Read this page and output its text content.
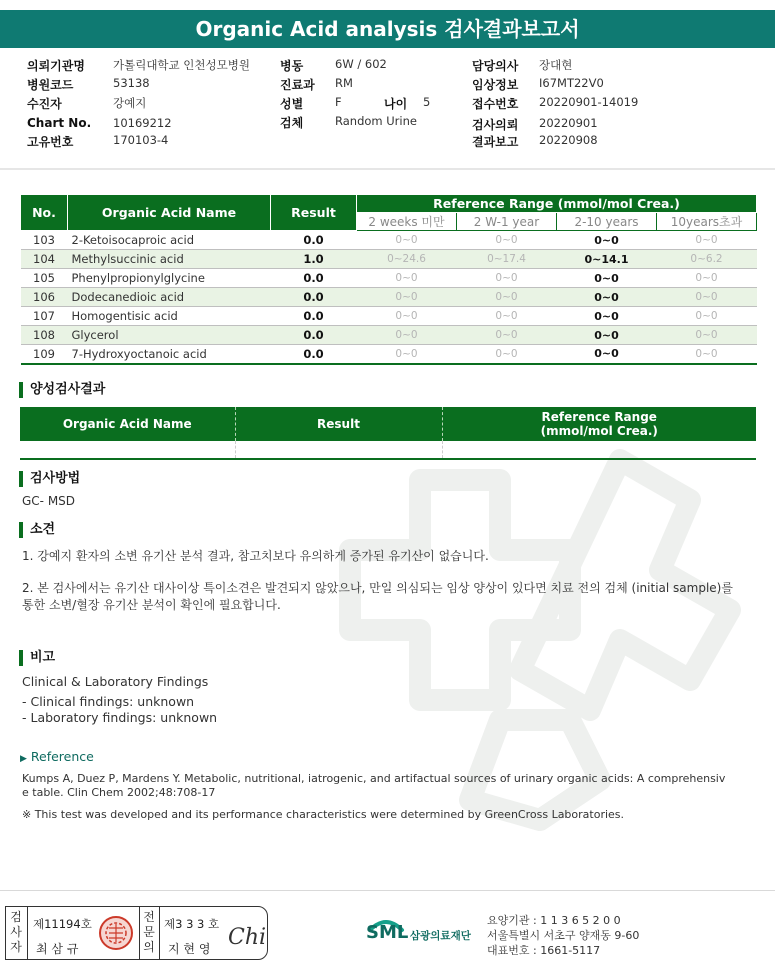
Organic Acid analysis 검사결과보고서
의뢰기관명 가톨릭대학교 인천성모병원
병원코드	53138
수진자	강예지
Chart No. 10169212
고유번호	170103-4
병동	6W / 602
진료과 RM
성별	F	나이 5
검체	Random Urine
담당의사 장대현
임상정보 I67MT22V0
접수번호 20220901-14019
검사의뢰 20220901
결과보고 20220908
No.	Organic Acid Name	Result	Reference Range (mmol/mol Crea.)			
			2 weeks 미만	2 W-1 year	2-10 years	10years초과
103	2-Ketoisocaproic acid	0.0	0~0	0~0	0~0	0~0
104	Methylsuccinic acid	1.0	0~24.6	0~17.4	0~14.1	0~6.2
105	Phenylpropionylglycine	0.0	0~0	0~0	0~0	0~0
106	Dodecanedioic acid	0.0	0~0	0~0	0~0	0~0
107	Homogentisic acid	0.0	0~0	0~0	0~0	0~0
108	Glycerol	0.0	0~0	0~0	0~0	0~0
109	7-Hydroxyoctanoic acid	0.0	0~0	0~0	0~0	0~0
양성검사결과
Organic Acid Name	Result	Reference Range
(mmol/mol Crea.)

검사방법
GC- MSD
소견
1. 강예지 환자의 소변 유기산 분석 결과, 참고치보다 유의하게 증가된 유기산이 없습니다.
2. 본 검사에서는 유기산 대사이상 특이소견은 발견되지 않았으나, 만일 의심되는 임상 양상이 있다면 치료 전의 검체 (initial sample)를
통한 소변/혈장 유기산 분석이 확인에 필요합니다.
비고
Clinical & Laboratory Findings
- Clinical findings: unknown
- Laboratory findings: unknown
▶ Reference
Kumps A, Duez P, Mardens Y. Metabolic, nutritional, iatrogenic, and artifactual sources of urinary organic acids: A comprehensiv
e table. Clin Chem 2002;48:708-17
※ This test was developed and its performance characteristics were determined by GreenCross Laboratories.
검사자
제11194호
최 삼 규
전문의
제3 3 3 호
지 현 영 Chi	SML 삼광의료재단
요양기관 : 1 1 3 6 5 2 0 0
서울특별시 서초구 양재동 9-60
대표번호 : 1661-5117
